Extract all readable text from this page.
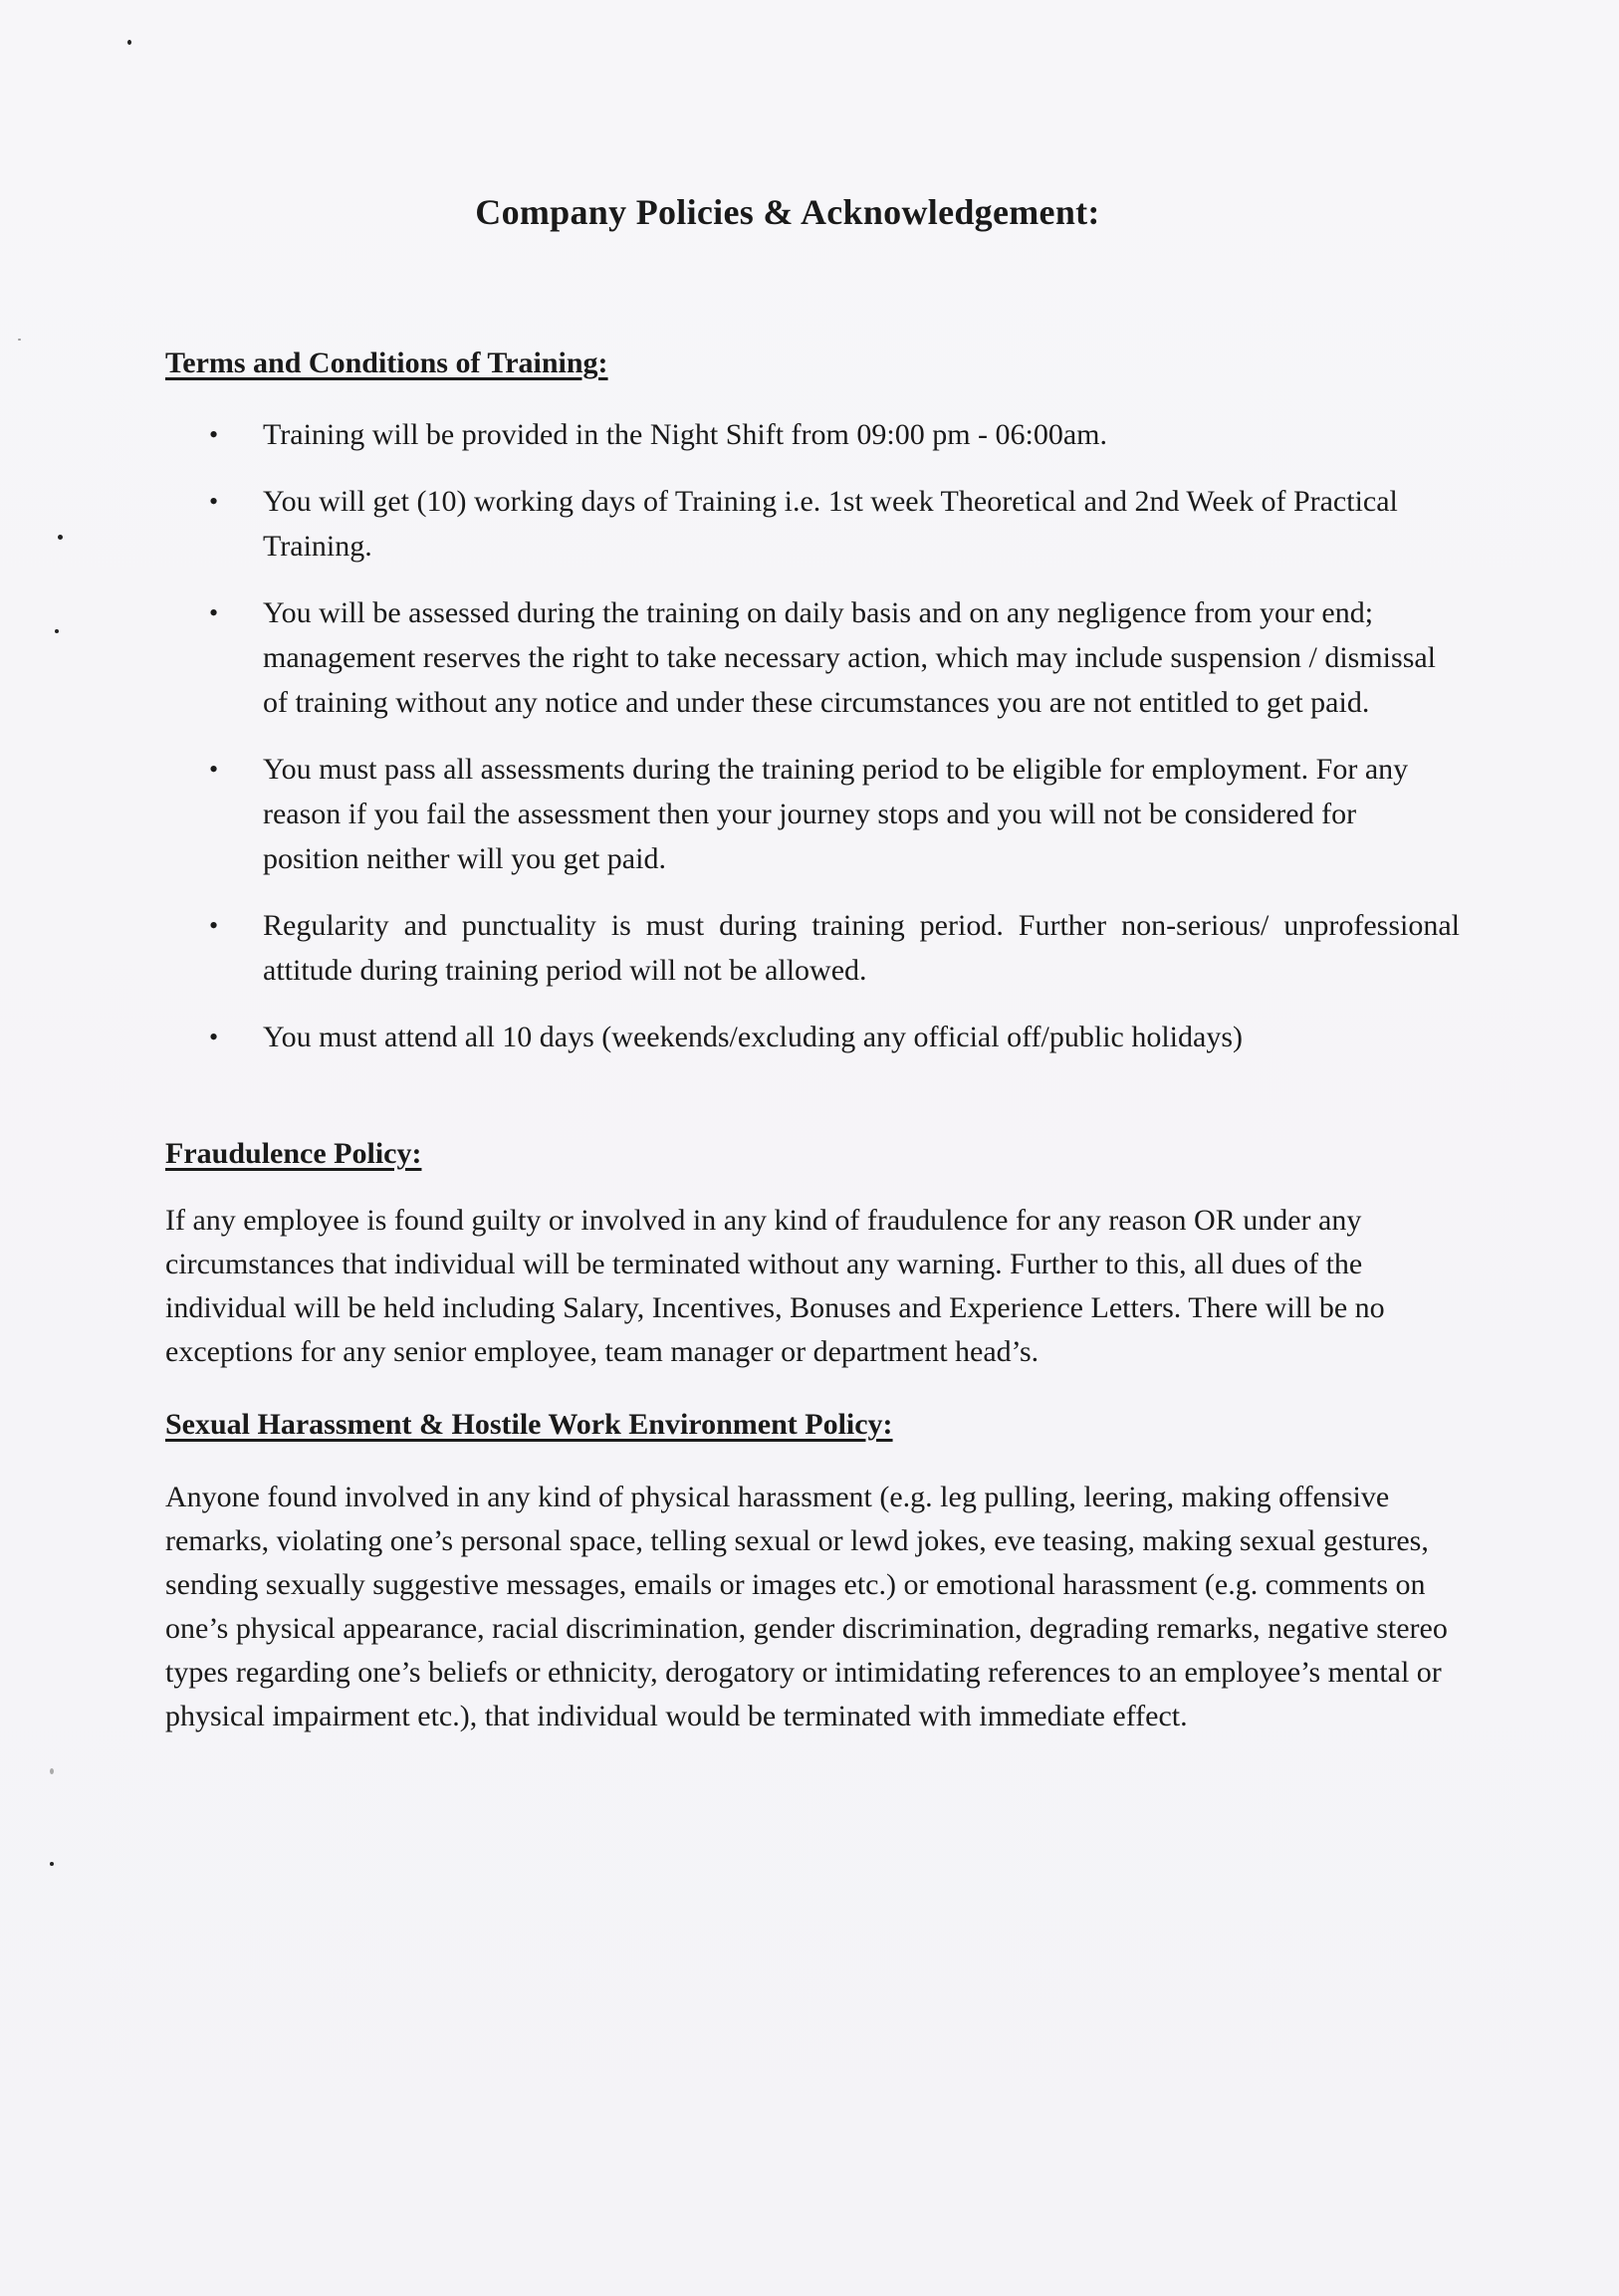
Company Policies & Acknowledgement:
Terms and Conditions of Training:
• Training will be provided in the Night Shift from 09:00 pm - 06:00am.
• You will get (10) working days of Training i.e. 1st week Theoretical and 2nd Week of Practical Training.
• You will be assessed during the training on daily basis and on any negligence from your end; management reserves the right to take necessary action, which may include suspension / dismissal of training without any notice and under these circumstances you are not entitled to get paid.
• You must pass all assessments during the training period to be eligible for employment. For any reason if you fail the assessment then your journey stops and you will not be considered for position neither will you get paid.
• Regularity and punctuality is must during training period. Further non-serious/ unprofessional attitude during training period will not be allowed.
• You must attend all 10 days (weekends/excluding any official off/public holidays)
Fraudulence Policy:

If any employee is found guilty or involved in any kind of fraudulence for any reason OR under any circumstances that individual will be terminated without any warning. Further to this, all dues of the individual will be held including Salary, Incentives, Bonuses and Experience Letters. There will be no exceptions for any senior employee, team manager or department head’s.

Sexual Harassment & Hostile Work Environment Policy:

Anyone found involved in any kind of physical harassment (e.g. leg pulling, leering, making offensive remarks, violating one’s personal space, telling sexual or lewd jokes, eve teasing, making sexual gestures, sending sexually suggestive messages, emails or images etc.) or emotional harassment (e.g. comments on one’s physical appearance, racial discrimination, gender discrimination, degrading remarks, negative stereo types regarding one’s beliefs or ethnicity, derogatory or intimidating references to an employee’s mental or physical impairment etc.), that individual would be terminated with immediate effect.
